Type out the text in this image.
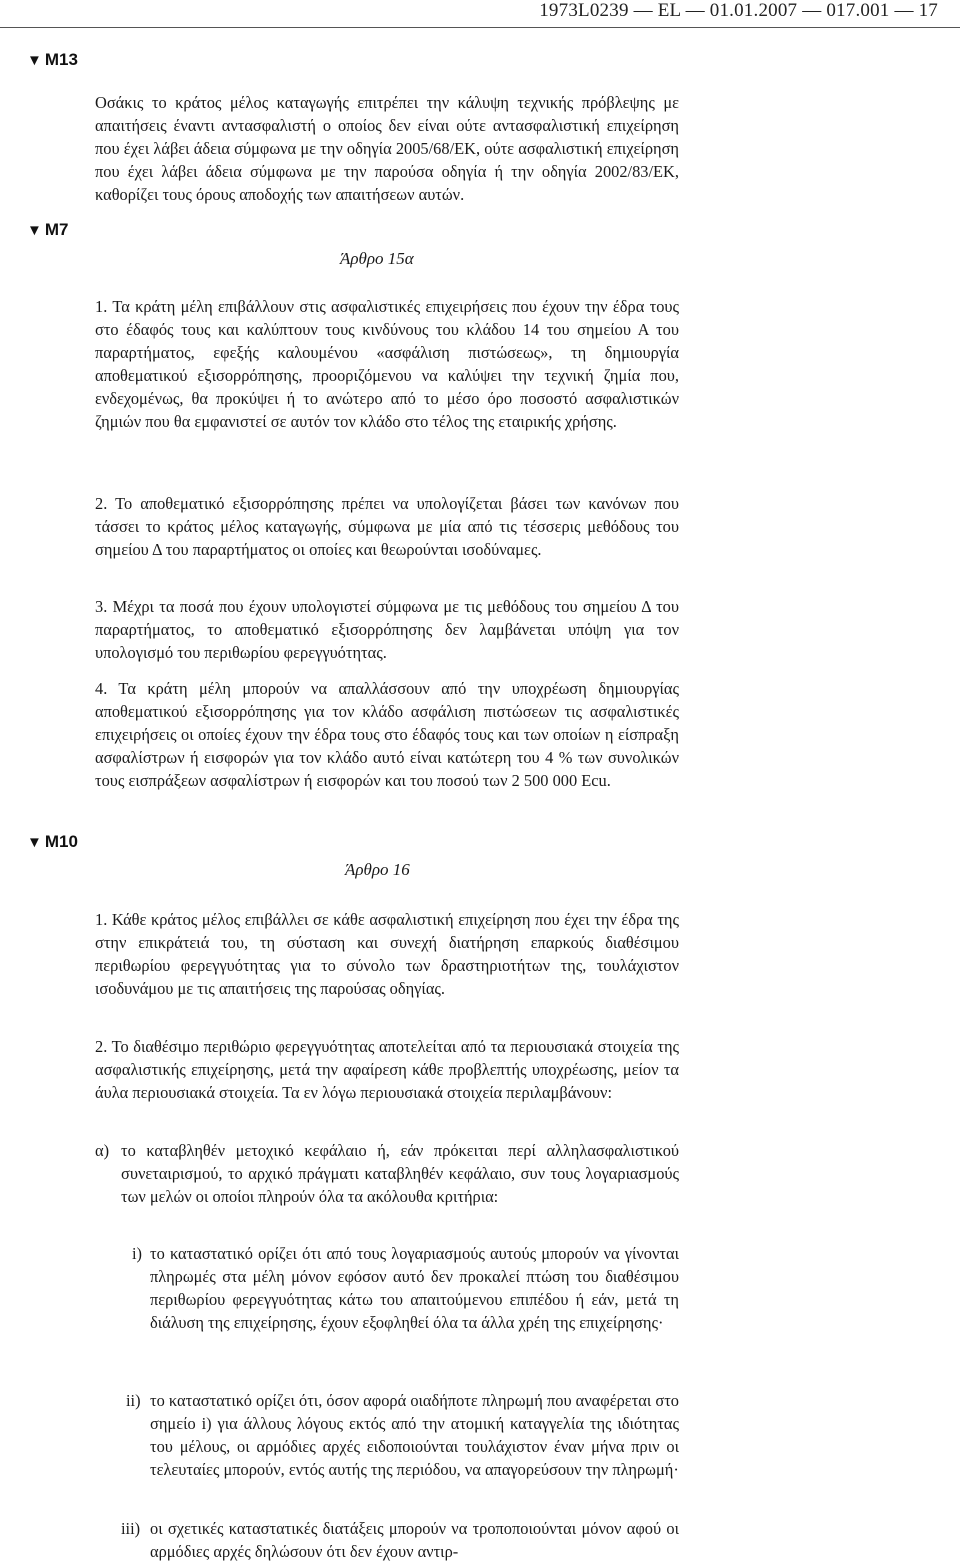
1973L0239 — EL — 01.01.2007 — 017.001 — 17
▼ M13
▼ M7
▼ M10
Οσάκις το κράτος μέλος καταγωγής επιτρέπει την κάλυψη τεχνικής πρόβλεψης με απαιτήσεις έναντι αντασφαλιστή ο οποίος δεν είναι ούτε αντασφαλιστική επιχείρηση που έχει λάβει άδεια σύμφωνα με την οδηγία 2005/68/ΕΚ, ούτε ασφαλιστική επιχείρηση που έχει λάβει άδεια σύμφωνα με την παρούσα οδηγία ή την οδηγία 2002/83/ΕΚ, καθορίζει τους όρους αποδοχής των απαιτήσεων αυτών.
Άρθρο 15α
1. Τα κράτη μέλη επιβάλλουν στις ασφαλιστικές επιχειρήσεις που έχουν την έδρα τους στο έδαφός τους και καλύπτουν τους κινδύνους του κλάδου 14 του σημείου Α του παραρτήματος, εφεξής καλουμένου «ασφάλιση πιστώσεως», τη δημιουργία αποθεματικού εξισορρόπησης, προοριζόμενου να καλύψει την τεχνική ζημία που, ενδεχομένως, θα προκύψει ή το ανώτερο από το μέσο όρο ποσοστό ασφαλιστικών ζημιών που θα εμφανιστεί σε αυτόν τον κλάδο στο τέλος της εταιρικής χρήσης.
2. Το αποθεματικό εξισορρόπησης πρέπει να υπολογίζεται βάσει των κανόνων που τάσσει το κράτος μέλος καταγωγής, σύμφωνα με μία από τις τέσσερις μεθόδους του σημείου Δ του παραρτήματος οι οποίες και θεωρούνται ισοδύναμες.
3. Μέχρι τα ποσά που έχουν υπολογιστεί σύμφωνα με τις μεθόδους του σημείου Δ του παραρτήματος, το αποθεματικό εξισορρόπησης δεν λαμβάνεται υπόψη για τον υπολογισμό του περιθωρίου φερεγγυότητας.
4. Τα κράτη μέλη μπορούν να απαλλάσσουν από την υποχρέωση δημιουργίας αποθεματικού εξισορρόπησης για τον κλάδο ασφάλιση πιστώσεων τις ασφαλιστικές επιχειρήσεις οι οποίες έχουν την έδρα τους στο έδαφός τους και των οποίων η είσπραξη ασφαλίστρων ή εισφορών για τον κλάδο αυτό είναι κατώτερη του 4 % των συνολικών τους εισπράξεων ασφαλίστρων ή εισφορών και του ποσού των 2 500 000 Ecu.
Άρθρο 16
1. Κάθε κράτος μέλος επιβάλλει σε κάθε ασφαλιστική επιχείρηση που έχει την έδρα της στην επικράτειά του, τη σύσταση και συνεχή διατήρηση επαρκούς διαθέσιμου περιθωρίου φερεγγυότητας για το σύνολο των δραστηριοτήτων της, τουλάχιστον ισοδυνάμου με τις απαιτήσεις της παρούσας οδηγίας.
2. Το διαθέσιμο περιθώριο φερεγγυότητας αποτελείται από τα περιουσιακά στοιχεία της ασφαλιστικής επιχείρησης, μετά την αφαίρεση κάθε προβλεπτής υποχρέωσης, μείον τα άυλα περιουσιακά στοιχεία. Τα εν λόγω περιουσιακά στοιχεία περιλαμβάνουν:
α) το καταβληθέν μετοχικό κεφάλαιο ή, εάν πρόκειται περί αλληλασφαλιστικού συνεταιρισμού, το αρχικό πράγματι καταβληθέν κεφάλαιο, συν τους λογαριασμούς των μελών οι οποίοι πληρούν όλα τα ακόλουθα κριτήρια:
i) το καταστατικό ορίζει ότι από τους λογαριασμούς αυτούς μπορούν να γίνονται πληρωμές στα μέλη μόνον εφόσον αυτό δεν προκαλεί πτώση του διαθέσιμου περιθωρίου φερεγγυότητας κάτω του απαιτούμενου επιπέδου ή εάν, μετά τη διάλυση της επιχείρησης, έχουν εξοφληθεί όλα τα άλλα χρέη της επιχείρησης·
ii) το καταστατικό ορίζει ότι, όσον αφορά οιαδήποτε πληρωμή που αναφέρεται στο σημείο i) για άλλους λόγους εκτός από την ατομική καταγγελία της ιδιότητας του μέλους, οι αρμόδιες αρχές ειδοποιούνται τουλάχιστον έναν μήνα πριν οι τελευταίες μπορούν, εντός αυτής της περιόδου, να απαγορεύσουν την πληρωμή·
iii) οι σχετικές καταστατικές διατάξεις μπορούν να τροποποιούνται μόνον αφού οι αρμόδιες αρχές δηλώσουν ότι δεν έχουν αντιρ-
